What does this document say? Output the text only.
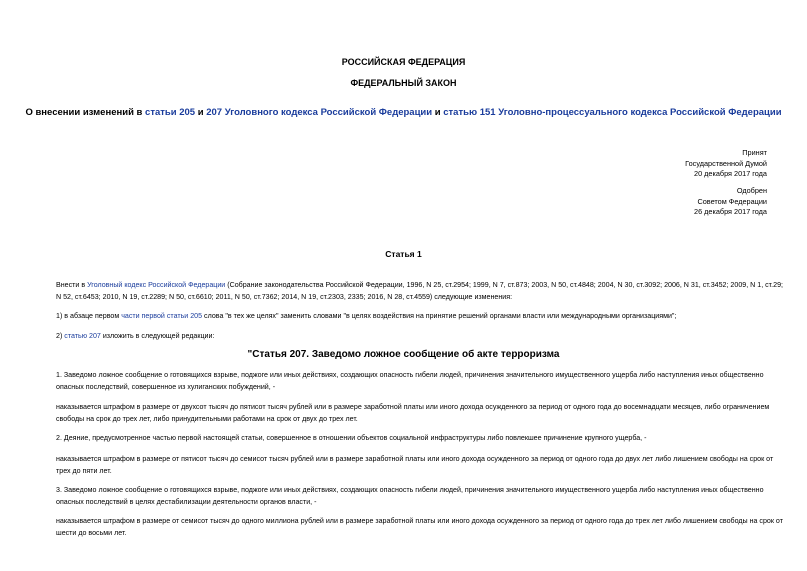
РОССИЙСКАЯ ФЕДЕРАЦИЯ
ФЕДЕРАЛЬНЫЙ ЗАКОН
О внесении изменений в статьи 205 и 207 Уголовного кодекса Российской Федерации и статью 151 Уголовно-процессуального кодекса Российской Федерации
Принят
Государственной Думой
20 декабря 2017 года
Одобрен
Советом Федерации
26 декабря 2017 года
Статья 1
Внести в Уголовный кодекс Российской Федерации (Собрание законодательства Российской Федерации, 1996, N 25, ст.2954; 1999, N 7, ст.873; 2003, N 50, ст.4848; 2004, N 30, ст.3092; 2006, N 31, ст.3452; 2009, N 1, ст.29; N 52, ст.6453; 2010, N 19, ст.2289; N 50, ст.6610; 2011, N 50, ст.7362; 2014, N 19, ст.2303, 2335; 2016, N 28, ст.4559) следующие изменения:
1) в абзаце первом части первой статьи 205 слова "в тех же целях" заменить словами "в целях воздействия на принятие решений органами власти или международными организациями";
2) статью 207 изложить в следующей редакции:
"Статья 207. Заведомо ложное сообщение об акте терроризма
1. Заведомо ложное сообщение о готовящихся взрыве, поджоге или иных действиях, создающих опасность гибели людей, причинения значительного имущественного ущерба либо наступления иных общественно опасных последствий, совершенное из хулиганских побуждений, -
наказывается штрафом в размере от двухсот тысяч до пятисот тысяч рублей или в размере заработной платы или иного дохода осужденного за период от одного года до восемнадцати месяцев, либо ограничением свободы на срок до трех лет, либо принудительными работами на срок от двух до трех лет.
2. Деяние, предусмотренное частью первой настоящей статьи, совершенное в отношении объектов социальной инфраструктуры либо повлекшее причинение крупного ущерба, -
наказывается штрафом в размере от пятисот тысяч до семисот тысяч рублей или в размере заработной платы или иного дохода осужденного за период от одного года до двух лет либо лишением свободы на срок от трех до пяти лет.
3. Заведомо ложное сообщение о готовящихся взрыве, поджоге или иных действиях, создающих опасность гибели людей, причинения значительного имущественного ущерба либо наступления иных общественно опасных последствий в целях дестабилизации деятельности органов власти, -
наказывается штрафом в размере от семисот тысяч до одного миллиона рублей или в размере заработной платы или иного дохода осужденного за период от одного года до трех лет либо лишением свободы на срок от шести до восьми лет.
